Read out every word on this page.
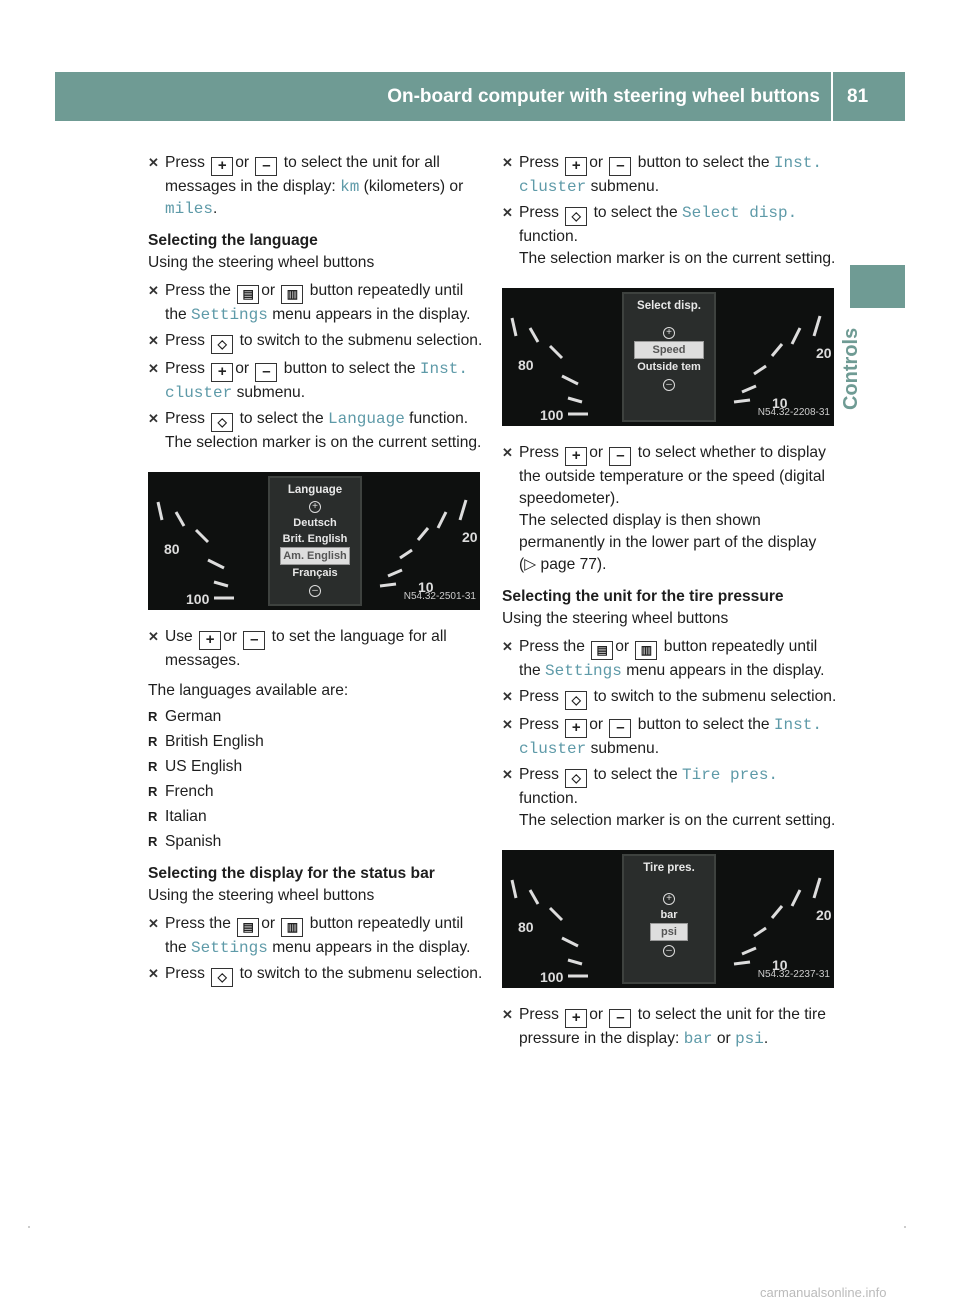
On-board computer with steering wheel buttons	81
Controls
✕ Press + or – to select the unit for all messages in the display: km (kilometers) or miles.
Selecting the language
Using the steering wheel buttons
✕ Press the ▤ or ▥ button repeatedly until the Settings menu appears in the display.
✕ Press ◇ to switch to the submenu selection.
✕ Press + or – button to select the Inst. cluster submenu.
✕ Press ◇ to select the Language function.
The selection marker is on the current setting.
80
100
10
20
Language
+
Deutsch
Brit. English
Am. English
Français
–
N54.32-2501-31
✕ Use + or – to set the language for all messages.
The languages available are:
R German
R British English
R US English
R French
R Italian
R Spanish
Selecting the display for the status bar
Using the steering wheel buttons
✕ Press the ▤ or ▥ button repeatedly until the Settings menu appears in the display.
✕ Press ◇ to switch to the submenu selection.
✕ Press + or – button to select the Inst. cluster submenu.
✕ Press ◇ to select the Select disp. function.
The selection marker is on the current setting.
80
100
10
20
Select disp.
+
Speed
Outside tem
–
N54.32-2208-31
✕ Press + or – to select whether to display the outside temperature or the speed (digital speedometer).
The selected display is then shown permanently in the lower part of the display (▷ page 77).
Selecting the unit for the tire pressure
Using the steering wheel buttons
✕ Press the ▤ or ▥ button repeatedly until the Settings menu appears in the display.
✕ Press ◇ to switch to the submenu selection.
✕ Press + or – button to select the Inst. cluster submenu.
✕ Press ◇ to select the Tire pres. function.
The selection marker is on the current setting.
80
100
10
20
Tire pres.
+
bar
psi
–
N54.32-2237-31
✕ Press + or – to select the unit for the tire pressure in the display: bar or psi.
carmanualsonline.info
